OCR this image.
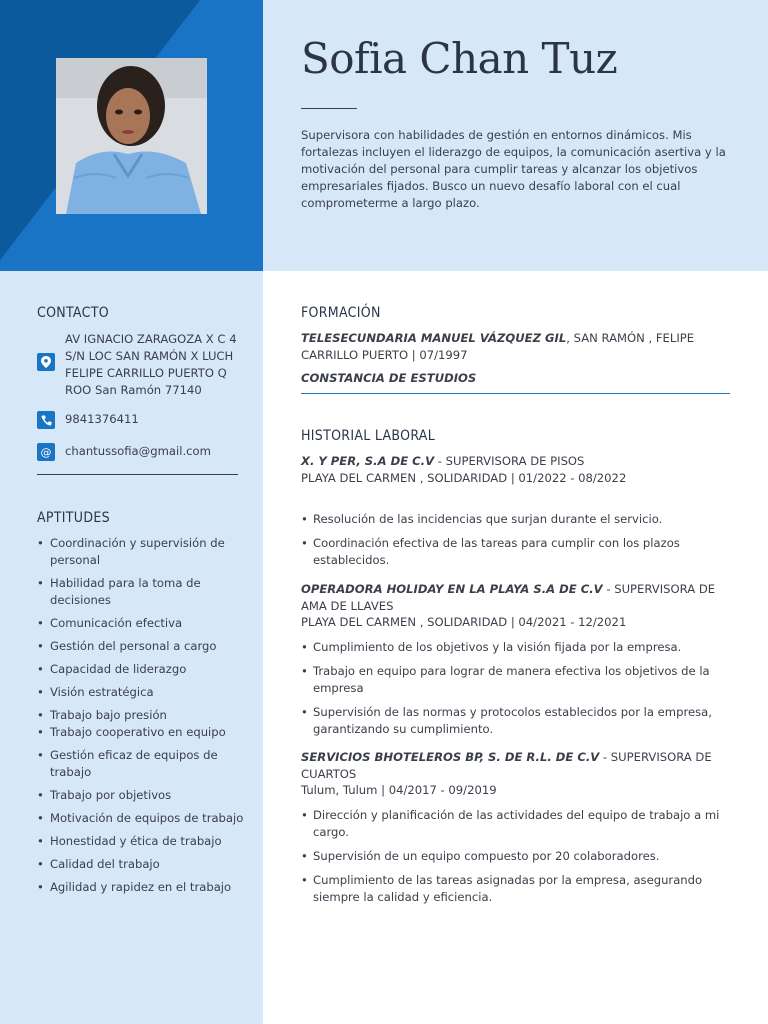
Sofia Chan Tuz
Supervisora con habilidades de gestión en entornos dinámicos. Mis fortalezas incluyen el liderazgo de equipos, la comunicación asertiva y la motivación del personal para cumplir tareas y alcanzar los objetivos empresariales fijados. Busco un nuevo desafío laboral con el cual comprometerme a largo plazo.
CONTACTO
AV IGNACIO ZARAGOZA X C 4 S/N LOC SAN RAMÓN X LUCH FELIPE CARRILLO PUERTO Q ROO San Ramón 77140
9841376411
@	chantussofia@gmail.com
APTITUDES
• Coordinación y supervisión de personal
• Habilidad para la toma de decisiones
• Comunicación efectiva
• Gestión del personal a cargo
• Capacidad de liderazgo
• Visión estratégica
• Trabajo bajo presión
• Trabajo cooperativo en equipo
• Gestión eficaz de equipos de trabajo
• Trabajo por objetivos
• Motivación de equipos de trabajo
• Honestidad y ética de trabajo
• Calidad del trabajo
• Agilidad y rapidez en el trabajo
FORMACIÓN
TELESECUNDARIA MANUEL VÁZQUEZ GIL, SAN RAMÓN , FELIPE CARRILLO PUERTO | 07/1997
CONSTANCIA DE ESTUDIOS
HISTORIAL LABORAL
X. Y PER, S.A DE C.V - SUPERVISORA DE PISOS
PLAYA DEL CARMEN , SOLIDARIDAD | 01/2022 - 08/2022
• Resolución de las incidencias que surjan durante el servicio.
• Coordinación efectiva de las tareas para cumplir con los plazos establecidos.
OPERADORA HOLIDAY EN LA PLAYA S.A DE C.V - SUPERVISORA DE AMA DE LLAVES
PLAYA DEL CARMEN , SOLIDARIDAD | 04/2021 - 12/2021
• Cumplimiento de los objetivos y la visión fijada por la empresa.
• Trabajo en equipo para lograr de manera efectiva los objetivos de la empresa
• Supervisión de las normas y protocolos establecidos por la empresa, garantizando su cumplimiento.
SERVICIOS BHOTELEROS BP, S. DE R.L. DE C.V - SUPERVISORA DE CUARTOS
Tulum, Tulum | 04/2017 - 09/2019
• Dirección y planificación de las actividades del equipo de trabajo a mi cargo.
• Supervisión de un equipo compuesto por 20 colaboradores.
• Cumplimiento de las tareas asignadas por la empresa, asegurando siempre la calidad y eficiencia.
